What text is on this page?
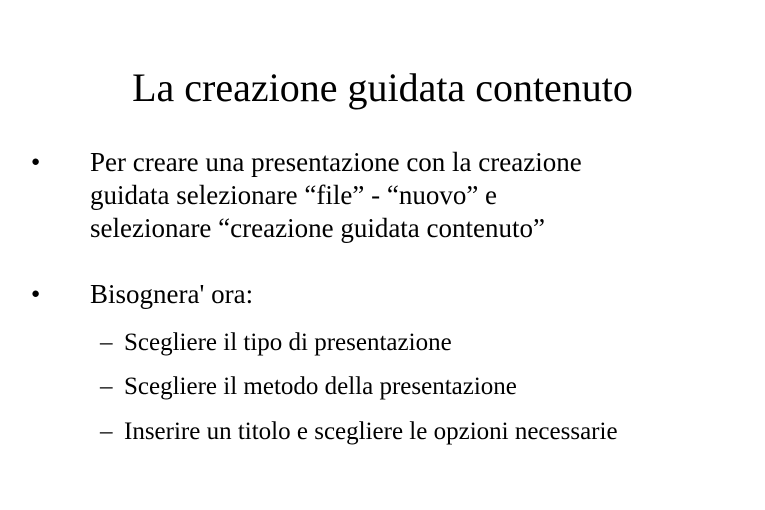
La creazione guidata contenuto
● Per creare una presentazione con la creazione
guidata selezionare “file” - “nuovo” e
selezionare “creazione guidata contenuto”
● Bisognera' ora:
– Scegliere il tipo di presentazione
– Scegliere il metodo della presentazione
– Inserire un titolo e scegliere le opzioni necessarie
